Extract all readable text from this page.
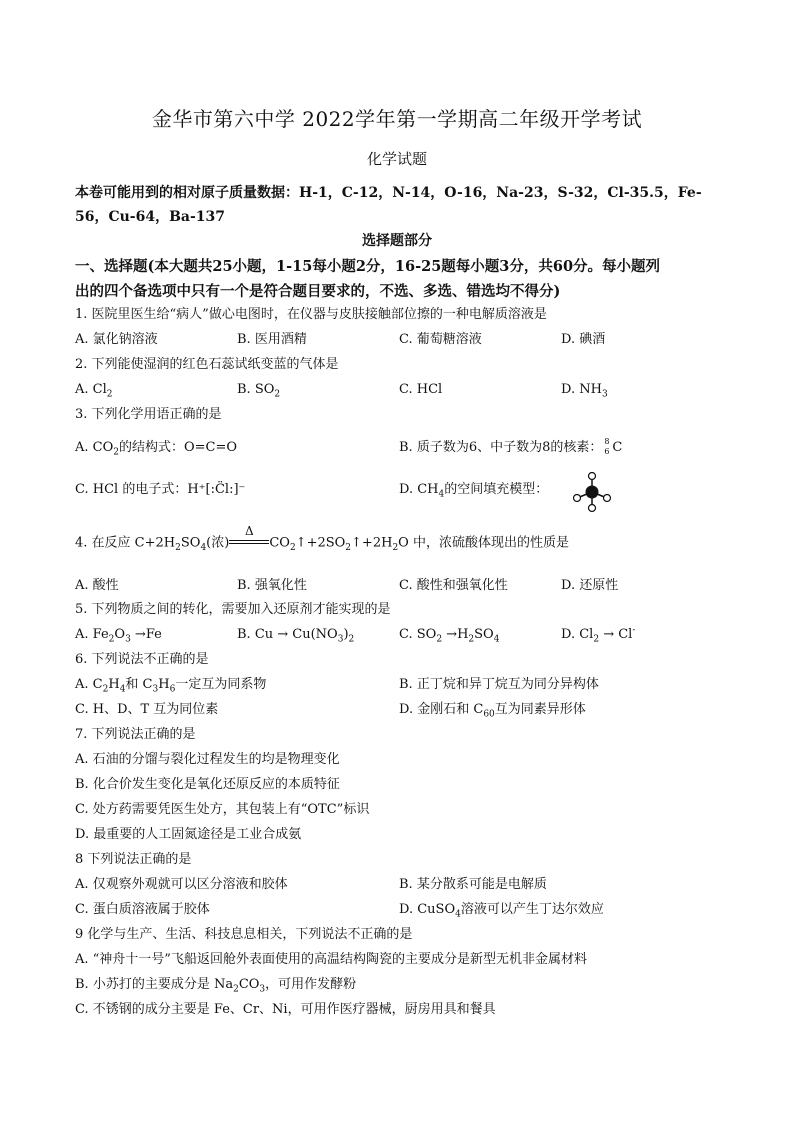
金华市第六中学 2022学年第一学期高二年级开学考试
化学试题
本卷可能用到的相对原子质量数据：H-1，C-12，N-14，O-16，Na-23，S-32，Cl-35.5，Fe-
56，Cu-64，Ba-137
选择题部分
一、选择题(本大题共25小题，1-15每小题2分，16-25题每小题3分，共60分。每小题列
出的四个备选项中只有一个是符合题目要求的，不选、多选、错选均不得分)
1. 医院里医生给“病人”做心电图时，在仪器与皮肤接触部位擦的一种电解质溶液是
A. 氯化钠溶液	B. 医用酒精	C. 葡萄糖溶液	D. 碘酒
2. 下列能使湿润的红色石蕊试纸变蓝的气体是
A. $Cl_2$	B. $SO_2$	C. HCl	D. $NH_3$
3. 下列化学用语正确的是
A. $CO_2$的结构式：O=C=O	B. 质子数为6、中子数为8的核素： 8
6 C
C. HCl 的电子式：H⁺[:C̈l:]⁻	D. $CH_4$的空间填充模型：
4. 在反应 $C+2H_2SO_4$(浓)
Δ
$CO_2↑+2SO_2↑+2H_2O$ 中，浓硫酸体现出的性质是
A. 酸性	B. 强氧化性	C. 酸性和强氧化性	D. 还原性
5. 下列物质之间的转化，需要加入还原剂才能实现的是
A. $Fe_2O_3 \to Fe$	B. $Cu \to Cu(NO_3)_2$	C. $SO_2 \to H_2SO_4$	D. $Cl_2 \to Cl^-$
6. 下列说法不正确的是
A. $C_2H_4$和 $C_3H_6$一定互为同系物	B. 正丁烷和异丁烷互为同分异构体
C. H、D、T 互为同位素	D. 金刚石和 $C_{60}$互为同素异形体
7. 下列说法正确的是
A. 石油的分馏与裂化过程发生的均是物理变化
B. 化合价发生变化是氧化还原反应的本质特征
C. 处方药需要凭医生处方，其包装上有“OTC”标识
D. 最重要的人工固氮途径是工业合成氨
8 下列说法正确的是
A. 仅观察外观就可以区分溶液和胶体	B. 某分散系可能是电解质
C. 蛋白质溶液属于胶体	D. CuSO$_4$溶液可以产生丁达尔效应
9 化学与生产、生活、科技息息相关，下列说法不正确的是
A. “神舟十一号”飞船返回舱外表面使用的高温结构陶瓷的主要成分是新型无机非金属材料
B. 小苏打的主要成分是 $Na_2CO_3$，可用作发酵粉
C. 不锈钢的成分主要是 Fe、Cr、Ni，可用作医疗器械，厨房用具和餐具
